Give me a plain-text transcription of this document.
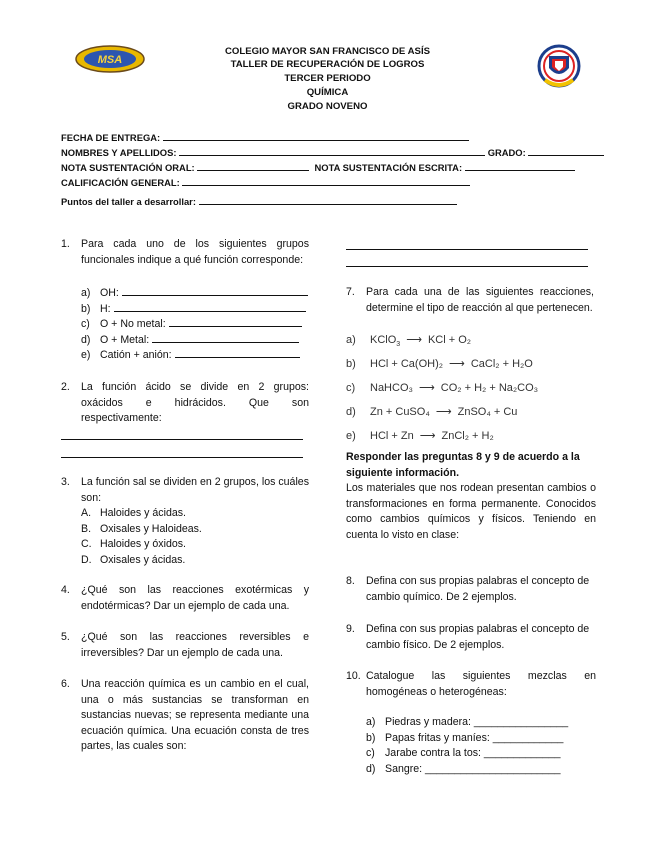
MSA
COLEGIO MAYOR SAN FRANCISCO DE ASÍS
TALLER DE RECUPERACIÓN DE LOGROS
TERCER PERIODO
QUÍMICA
GRADO NOVENO
FECHA DE ENTREGA:
NOMBRES Y APELLIDOS:	GRADO:
NOTA SUSTENTACIÓN ORAL:	NOTA SUSTENTACIÓN ESCRITA:
CALIFICACIÓN GENERAL:
Puntos del taller a desarrollar:
1. Para cada uno de los siguientes grupos funcionales indique a qué función corresponde:
a) OH:
b) H:
c) O + No metal:
d) O + Metal:
e) Catión + anión:
2. La función ácido se divide en 2 grupos: oxácidos e hidrácidos. Que son respectivamente:
3. La función sal se dividen en 2 grupos, los cuáles son:
A. Haloides y ácidas.
B. Oxisales y Haloideas.
C. Haloides y óxidos.
D. Oxisales y ácidas.
4. ¿Qué son las reacciones exotérmicas y endotérmicas? Dar un ejemplo de cada una.
5. ¿Qué son las reacciones reversibles e irreversibles? Dar un ejemplo de cada una.
6. Una reacción química es un cambio en el cual, una o más sustancias se transforman en sustancias nuevas; se representa mediante una ecuación química. Una ecuación consta de tres partes, las cuales son:
7. Para cada una de las siguientes reacciones, determine el tipo de reacción al que pertenecen.
a) KClO$_3$ ⟶ KCl + O₂
b) HCl + Ca(OH)₂ ⟶ CaCl₂ + H₂O
c) NaHCO₃ ⟶ CO₂ + H₂ + Na₂CO₃
d) Zn + CuSO₄ ⟶ ZnSO₄ + Cu
e) HCl + Zn ⟶ ZnCl₂ + H₂
Responder las preguntas 8 y 9 de acuerdo a la siguiente información.
Los materiales que nos rodean presentan cambios o transformaciones en forma permanente. Conocidos como cambios químicos y físicos. Teniendo en cuenta lo visto en clase:
8. Defina con sus propias palabras el concepto de cambio químico. De 2 ejemplos.
9. Defina con sus propias palabras el concepto de cambio físico. De 2 ejemplos.
10. Catalogue las siguientes mezclas en homogéneas o heterogéneas:
a) Piedras y madera: ________________
b) Papas fritas y maníes: ____________
c) Jarabe contra la tos: _____________
d) Sangre: _______________________
